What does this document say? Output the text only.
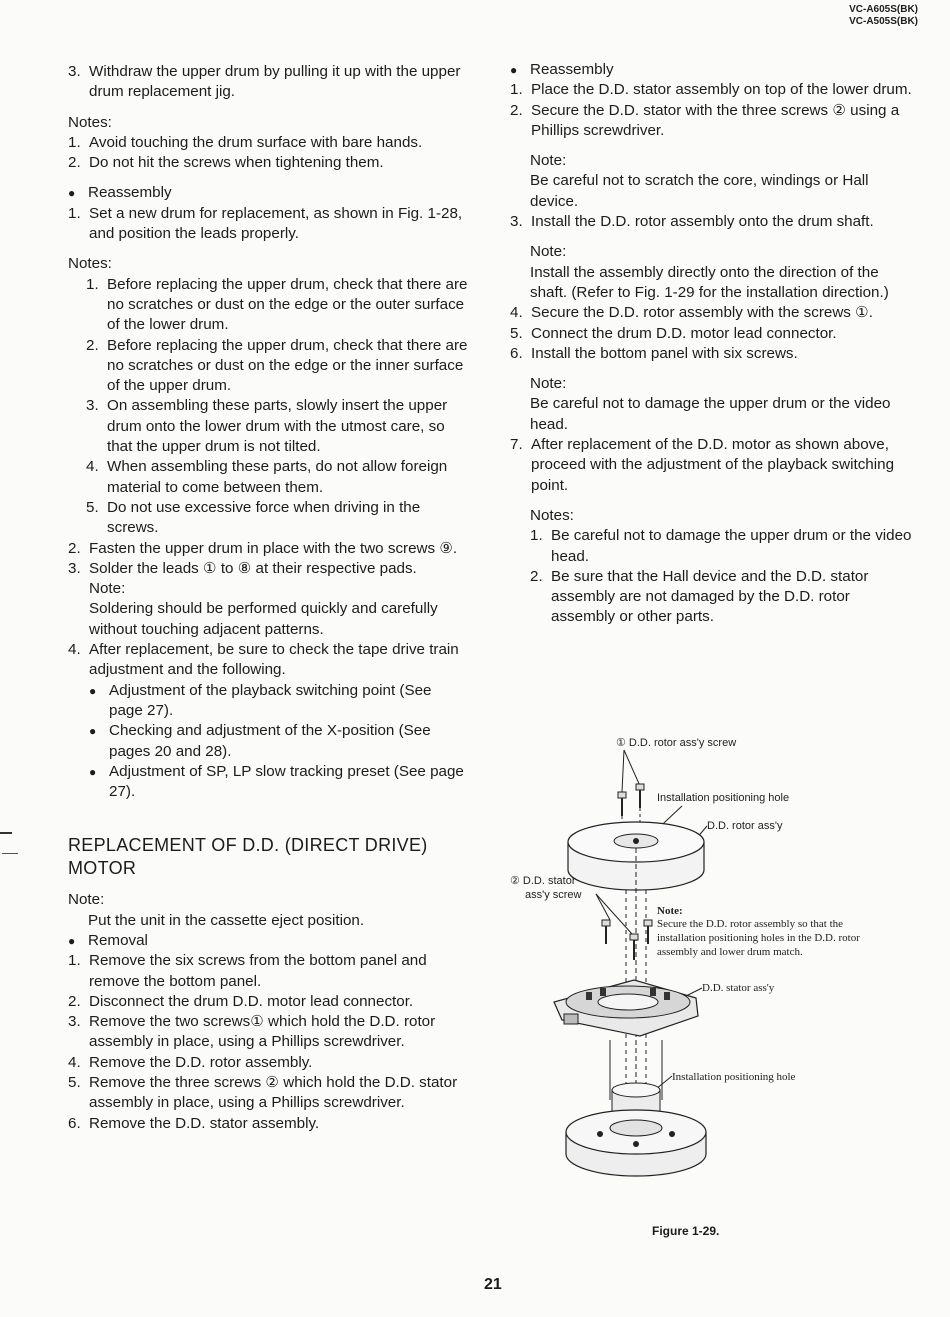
VC-A605S(BK)
VC-A505S(BK)
3. Withdraw the upper drum by pulling it up with the upper drum replacement jig.
Notes:
1. Avoid touching the drum surface with bare hands.
2. Do not hit the screws when tightening them.
● Reassembly
1. Set a new drum for replacement, as shown in Fig. 1-28, and position the leads properly.
Notes:
1. Before replacing the upper drum, check that there are no scratches or dust on the edge or the outer surface of the lower drum.
2. Before replacing the upper drum, check that there are no scratches or dust on the edge or the inner surface of the upper drum.
3. On assembling these parts, slowly insert the upper drum onto the lower drum with the utmost care, so that the upper drum is not tilted.
4. When assembling these parts, do not allow foreign material to come between them.
5. Do not use excessive force when driving in the screws.
2. Fasten the upper drum in place with the two screws ⑨.
3. Solder the leads ① to ⑧ at their respective pads.
Note:
Soldering should be performed quickly and carefully without touching adjacent patterns.
4. After replacement, be sure to check the tape drive train adjustment and the following.
● Adjustment of the playback switching point (See page 27).
● Checking and adjustment of the X-position (See pages 20 and 28).
● Adjustment of SP, LP slow tracking preset (See page 27).
REPLACEMENT OF D.D. (DIRECT DRIVE) MOTOR
Note:
Put the unit in the cassette eject position.
● Removal
1. Remove the six screws from the bottom panel and remove the bottom panel.
2. Disconnect the drum D.D. motor lead connector.
3. Remove the two screws① which hold the D.D. rotor assembly in place, using a Phillips screwdriver.
4. Remove the D.D. rotor assembly.
5. Remove the three screws ② which hold the D.D. stator assembly in place, using a Phillips screwdriver.
6. Remove the D.D. stator assembly.
● Reassembly
1. Place the D.D. stator assembly on top of the lower drum.
2. Secure the D.D. stator with the three screws ② using a Phillips screwdriver.
Note:
Be careful not to scratch the core, windings or Hall device.
3. Install the D.D. rotor assembly onto the drum shaft.
Note:
Install the assembly directly onto the direction of the shaft. (Refer to Fig. 1-29 for the installation direction.)
4. Secure the D.D. rotor assembly with the screws ①.
5. Connect the drum D.D. motor lead connector.
6. Install the bottom panel with six screws.
Note:
Be careful not to damage the upper drum or the video head.
7. After replacement of the D.D. motor as shown above, proceed with the adjustment of the playback switching point.
Notes:
1. Be careful not to damage the upper drum or the video head.
2. Be sure that the Hall device and the D.D. stator assembly are not damaged by the D.D. rotor assembly or other parts.
① D.D. rotor ass'y screw
Installation positioning hole
D.D. rotor ass'y
② D.D. stator
ass'y screw
Note:
Secure the D.D. rotor assembly so that the
installation positioning holes in the D.D. rotor
assembly and lower drum match.
D.D. stator ass'y
Installation positioning hole
Figure 1-29.
21
